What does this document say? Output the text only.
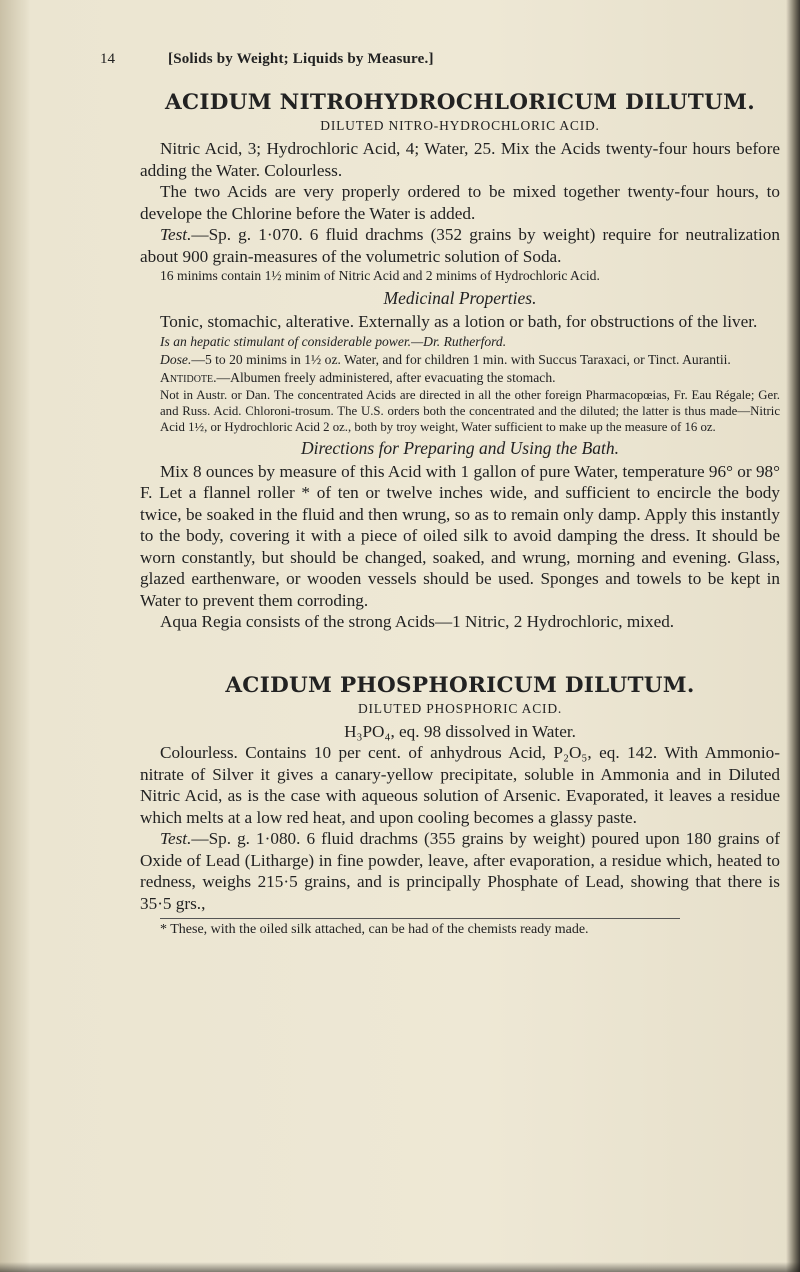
14	[Solids by Weight; Liquids by Measure.]
ACIDUM NITROHYDROCHLORICUM DILUTUM.
DILUTED NITRO-HYDROCHLORIC ACID.

Nitric Acid, 3; Hydrochloric Acid, 4; Water, 25. Mix the Acids twenty-four hours before adding the Water. Colourless.

The two Acids are very properly ordered to be mixed together twenty-four hours, to develope the Chlorine before the Water is added.

Test.—Sp. g. 1·070. 6 fluid drachms (352 grains by weight) require for neutralization about 900 grain-measures of the volumetric solution of Soda.

16 minims contain 1½ minim of Nitric Acid and 2 minims of Hydrochloric Acid.

Medicinal Properties.

Tonic, stomachic, alterative. Externally as a lotion or bath, for obstructions of the liver.

Is an hepatic stimulant of considerable power.—Dr. Rutherford.

Dose.—5 to 20 minims in 1½ oz. Water, and for children 1 min. with Succus Taraxaci, or Tinct. Aurantii.

Antidote.—Albumen freely administered, after evacuating the stomach.

Not in Austr. or Dan. The concentrated Acids are directed in all the other foreign Pharmacopœias, Fr. Eau Régale; Ger. and Russ. Acid. Chloroni-trosum. The U.S. orders both the concentrated and the diluted; the latter is thus made—Nitric Acid 1½, or Hydrochloric Acid 2 oz., both by troy weight, Water sufficient to make up the measure of 16 oz.

Directions for Preparing and Using the Bath.

Mix 8 ounces by measure of this Acid with 1 gallon of pure Water, temperature 96° or 98° F. Let a flannel roller * of ten or twelve inches wide, and sufficient to encircle the body twice, be soaked in the fluid and then wrung, so as to remain only damp. Apply this instantly to the body, covering it with a piece of oiled silk to avoid damping the dress. It should be worn constantly, but should be changed, soaked, and wrung, morning and evening. Glass, glazed earthenware, or wooden vessels should be used. Sponges and towels to be kept in Water to prevent them corroding.

Aqua Regia consists of the strong Acids—1 Nitric, 2 Hydrochloric, mixed.

ACIDUM PHOSPHORICUM DILUTUM.
DILUTED PHOSPHORIC ACID.
H₃PO₄, eq. 98 dissolved in Water.

Colourless. Contains 10 per cent. of anhydrous Acid, P₂O₅, eq. 142. With Ammonio-nitrate of Silver it gives a canary-yellow precipitate, soluble in Ammonia and in Diluted Nitric Acid, as is the case with aqueous solution of Arsenic. Evaporated, it leaves a residue which melts at a low red heat, and upon cooling becomes a glassy paste.

Test.—Sp. g. 1·080. 6 fluid drachms (355 grains by weight) poured upon 180 grains of Oxide of Lead (Litharge) in fine powder, leave, after evaporation, a residue which, heated to redness, weighs 215·5 grains, and is principally Phosphate of Lead, showing that there is 35·5 grs.,

* These, with the oiled silk attached, can be had of the chemists ready made.
